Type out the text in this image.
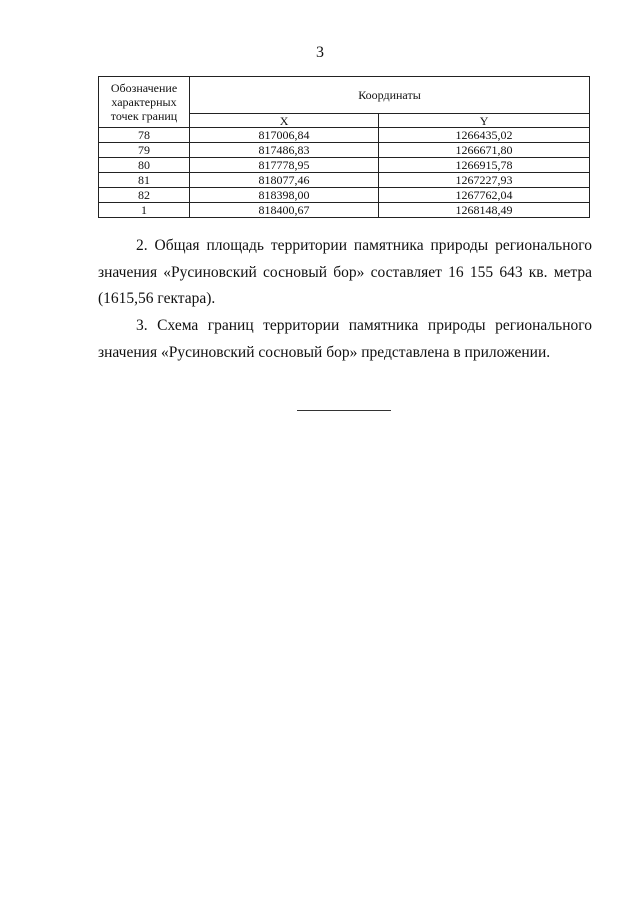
3
Обозначение характерных точек границ	Координаты	
	X	Y
78	817006,84	1266435,02
79	817486,83	1266671,80
80	817778,95	1266915,78
81	818077,46	1267227,93
82	818398,00	1267762,04
1	818400,67	1268148,49
2. Общая площадь территории памятника природы регионального значения «Русиновский сосновый бор» составляет 16 155 643 кв. метра (1615,56 гектара).
3. Схема границ территории памятника природы регионального значения «Русиновский сосновый бор» представлена в приложении.
